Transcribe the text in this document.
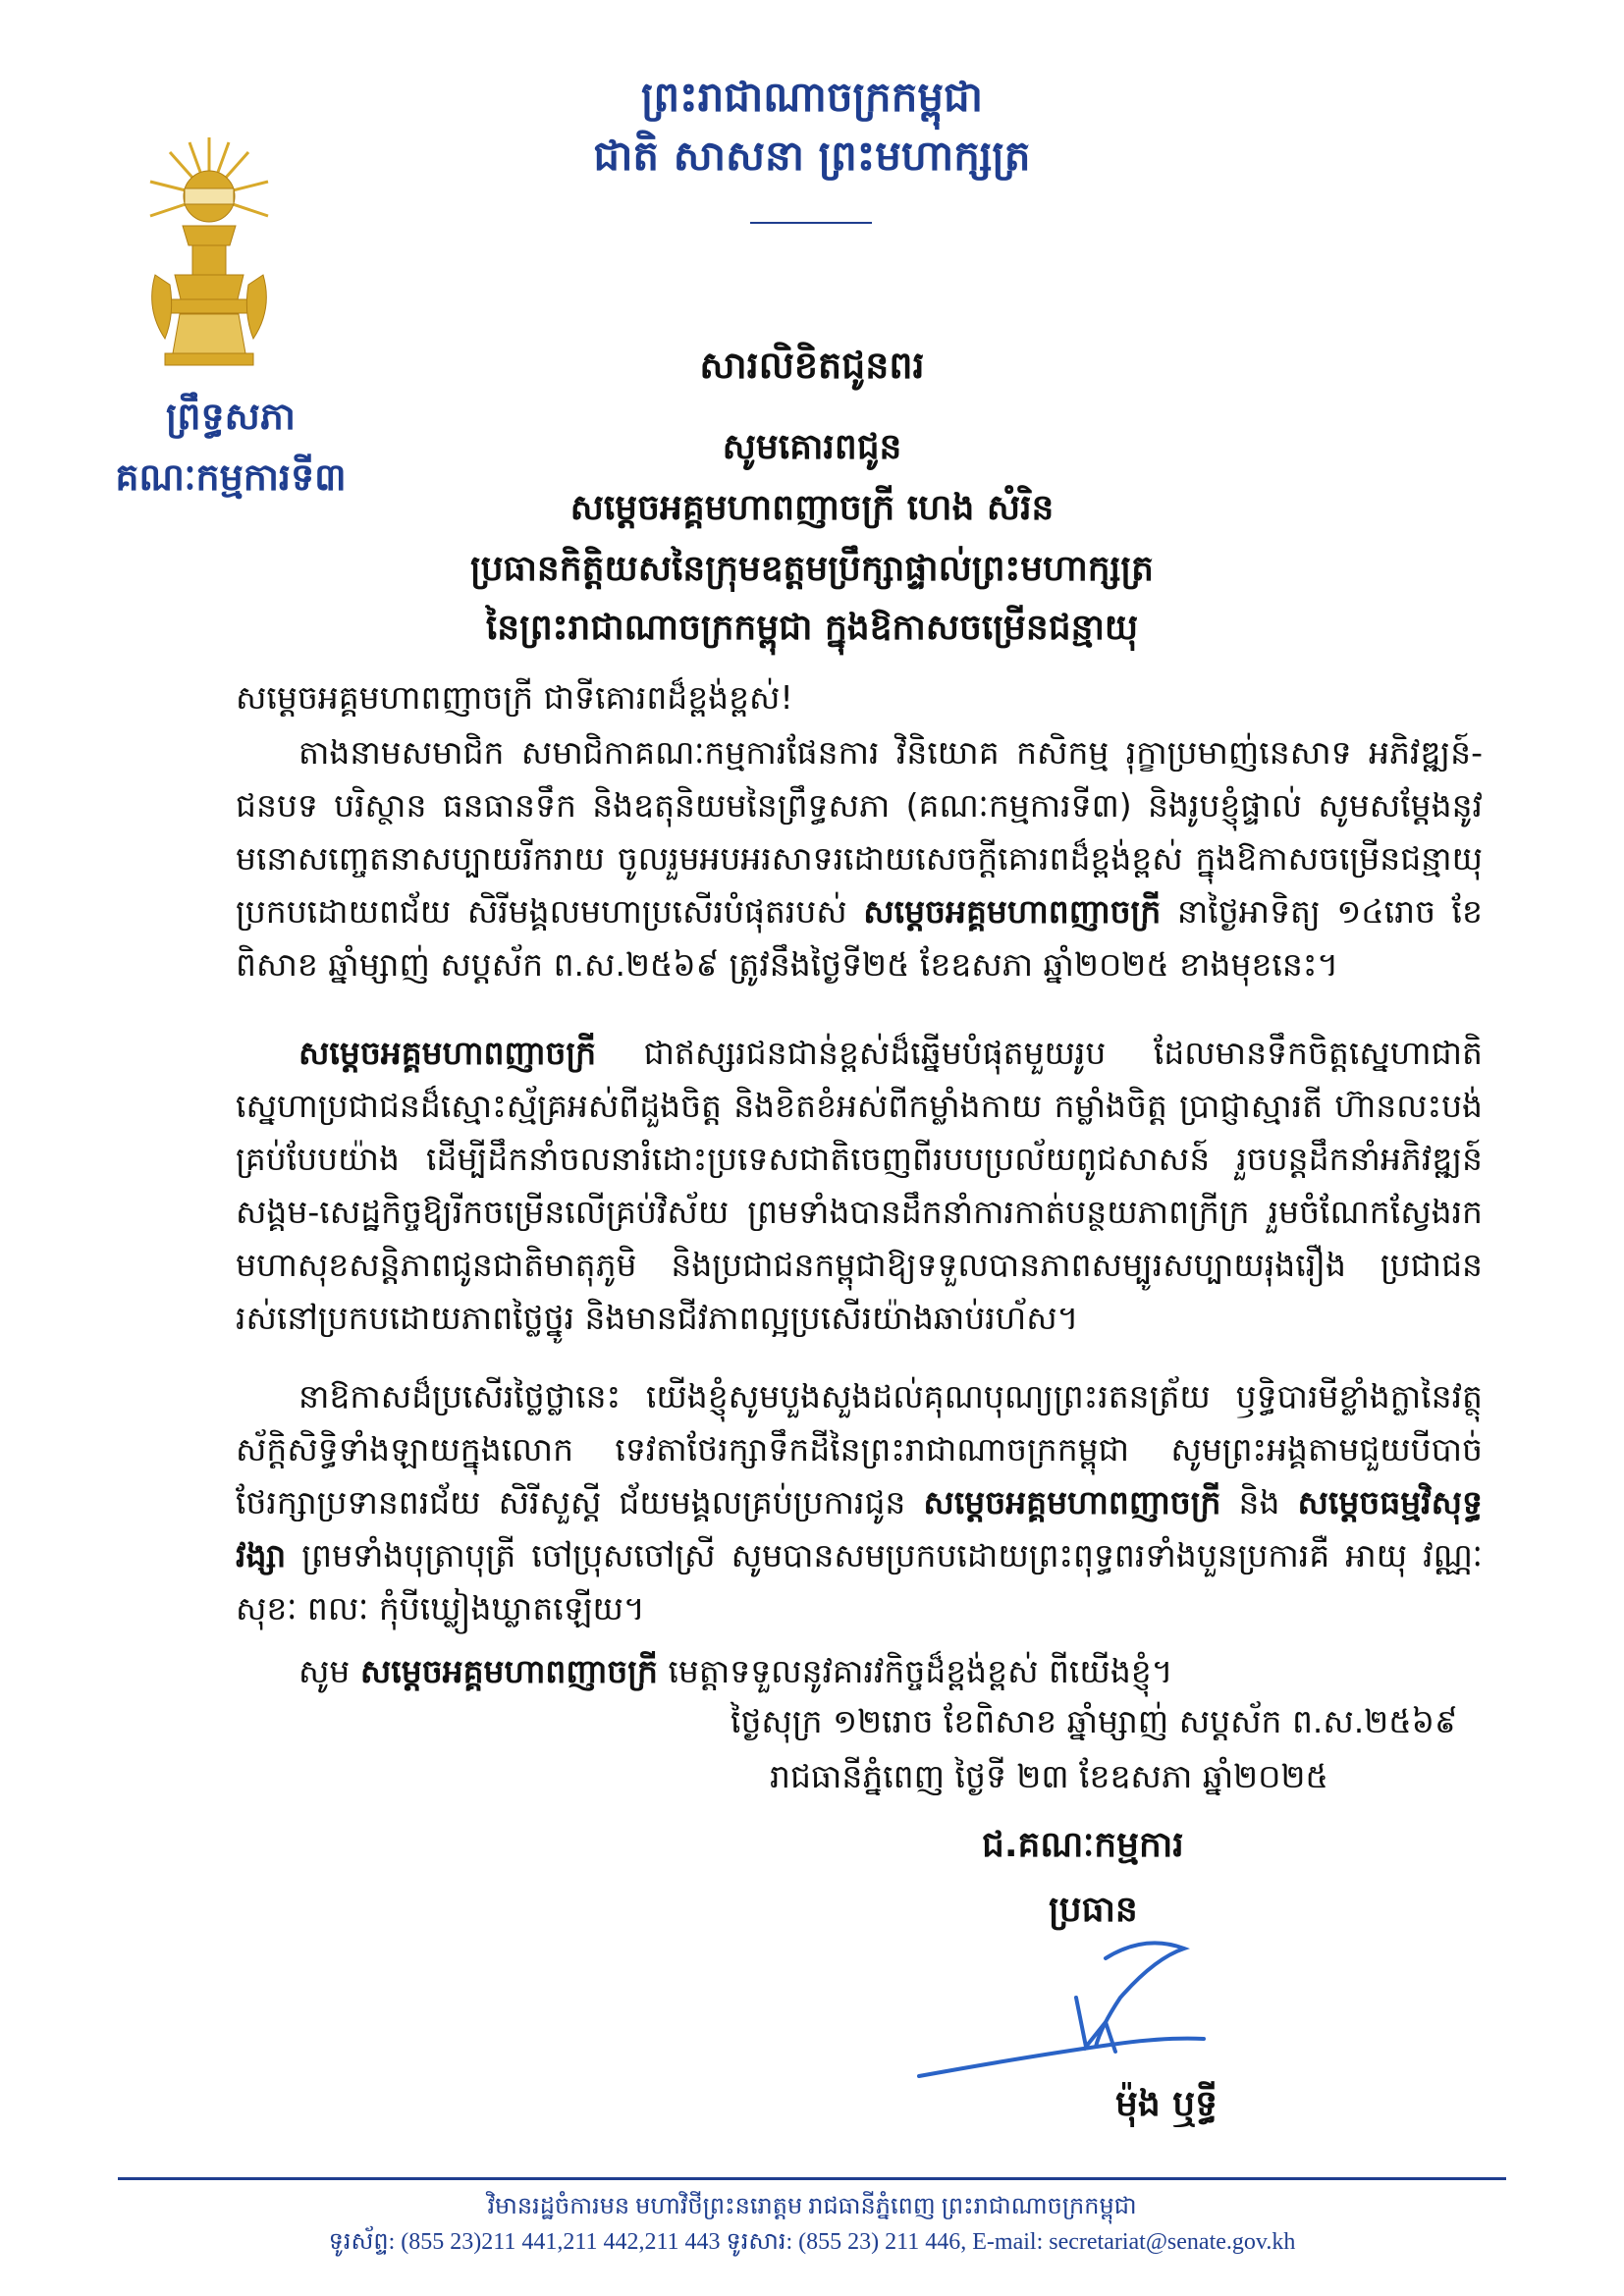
ព្រះរាជាណាចក្រកម្ពុជា
ជាតិ សាសនា ព្រះមហាក្សត្រ
ព្រឹទ្ធសភា
គណៈកម្មការទី៣
សារលិខិតជូនពរ
សូមគោរពជូន
សម្តេចអគ្គមហាពញាចក្រី ហេង សំរិន
ប្រធានកិត្តិយសនៃក្រុមឧត្តមប្រឹក្សាផ្ទាល់ព្រះមហាក្សត្រ
នៃព្រះរាជាណាចក្រកម្ពុជា ក្នុងឱកាសចម្រើនជន្មាយុ
សម្តេចអគ្គមហាពញាចក្រី ជាទីគោរពដ៏ខ្ពង់ខ្ពស់!
តាងនាមសមាជិក សមាជិកាគណៈកម្មការផែនការ វិនិយោគ កសិកម្ម រុក្ខាប្រមាញ់នេសាទ អភិវឌ្ឍន៍-ជនបទ បរិស្ថាន ធនធានទឹក និងឧតុនិយមនៃព្រឹទ្ធសភា (គណៈកម្មការទី៣) និងរូបខ្ញុំផ្ទាល់ សូមសម្តែងនូវមនោសញ្ចេតនាសប្បាយរីករាយ ចូលរួមអបអរសាទរដោយសេចក្តីគោរពដ៏ខ្ពង់ខ្ពស់ ក្នុងឱកាសចម្រើនជន្មាយុប្រកបដោយពជ័យ សិរីមង្គលមហាប្រសើរបំផុតរបស់ សម្តេចអគ្គមហាពញាចក្រី នាថ្ងៃអាទិត្យ ១៤រោច ខែពិសាខ ឆ្នាំម្សាញ់ សប្តស័ក ព.ស.២៥៦៩ ត្រូវនឹងថ្ងៃទី២៥ ខែឧសភា ឆ្នាំ២០២៥ ខាងមុខនេះ។
សម្តេចអគ្គមហាពញាចក្រី ជាឥស្សរជនជាន់ខ្ពស់ដ៏ឆ្នើមបំផុតមួយរូប ដែលមានទឹកចិត្តស្នេហាជាតិ ស្នេហាប្រជាជនដ៏ស្មោះស្ម័គ្រអស់ពីដួងចិត្ត និងខិតខំអស់ពីកម្លាំងកាយ កម្លាំងចិត្ត ប្រាជ្ញាស្មារតី ហ៊ានលះបង់គ្រប់បែបយ៉ាង ដើម្បីដឹកនាំចលនារំដោះប្រទេសជាតិចេញពីរបបប្រល័យពូជសាសន៍ រួចបន្តដឹកនាំអភិវឌ្ឍន៍សង្គម-សេដ្ឋកិច្ចឱ្យរីកចម្រើនលើគ្រប់វិស័យ ព្រមទាំងបានដឹកនាំការកាត់បន្ថយភាពក្រីក្រ រួមចំណែកស្វែងរកមហាសុខសន្តិភាពជូនជាតិមាតុភូមិ និងប្រជាជនកម្ពុជាឱ្យទទួលបានភាពសម្បូរសប្បាយរុងរឿង ប្រជាជនរស់នៅប្រកបដោយភាពថ្លៃថ្នូរ និងមានជីវភាពល្អប្រសើរយ៉ាងឆាប់រហ័ស។
នាឱកាសដ៏ប្រសើរថ្លៃថ្លានេះ យើងខ្ញុំសូមបួងសួងដល់គុណបុណ្យព្រះរតនត្រ័យ ឫទ្ធិបារមីខ្លាំងក្លានៃវត្ថុស័ក្តិសិទ្ធិទាំងឡាយក្នុងលោក ទេវតាថែរក្សាទឹកដីនៃព្រះរាជាណាចក្រកម្ពុជា សូមព្រះអង្គតាមជួយបីបាច់ថែរក្សាប្រទានពរជ័យ សិរីសួស្តី ជ័យមង្គលគ្រប់ប្រការជូន សម្តេចអគ្គមហាពញាចក្រី និង សម្តេចធម្មវិសុទ្ធវង្សា ព្រមទាំងបុត្រាបុត្រី ចៅប្រុសចៅស្រី សូមបានសមប្រកបដោយព្រះពុទ្ធពរទាំងបួនប្រការគឺ អាយុ វណ្ណៈ សុខៈ ពលៈ កុំបីឃ្លៀងឃ្លាតឡើយ។
សូម សម្តេចអគ្គមហាពញាចក្រី មេត្តាទទួលនូវគារវកិច្ចដ៏ខ្ពង់ខ្ពស់ ពីយើងខ្ញុំ។
ថ្ងៃសុក្រ ១២រោច ខែពិសាខ ឆ្នាំម្សាញ់ សប្តស័ក ព.ស.២៥៦៩
រាជធានីភ្នំពេញ ថ្ងៃទី ២៣ ខែឧសភា ឆ្នាំ២០២៥
ជ.គណៈកម្មការ
ប្រធាន
ម៉ុង ឬទ្ធី
វិមានរដ្ឋចំការមន មហាវិថីព្រះនរោត្តម រាជធានីភ្នំពេញ ព្រះរាជាណាចក្រកម្ពុជា
ទូរស័ព្ទ: (855 23)211 441,211 442,211 443 ទូរសារ: (855 23) 211 446, E-mail: secretariat@senate.gov.kh
